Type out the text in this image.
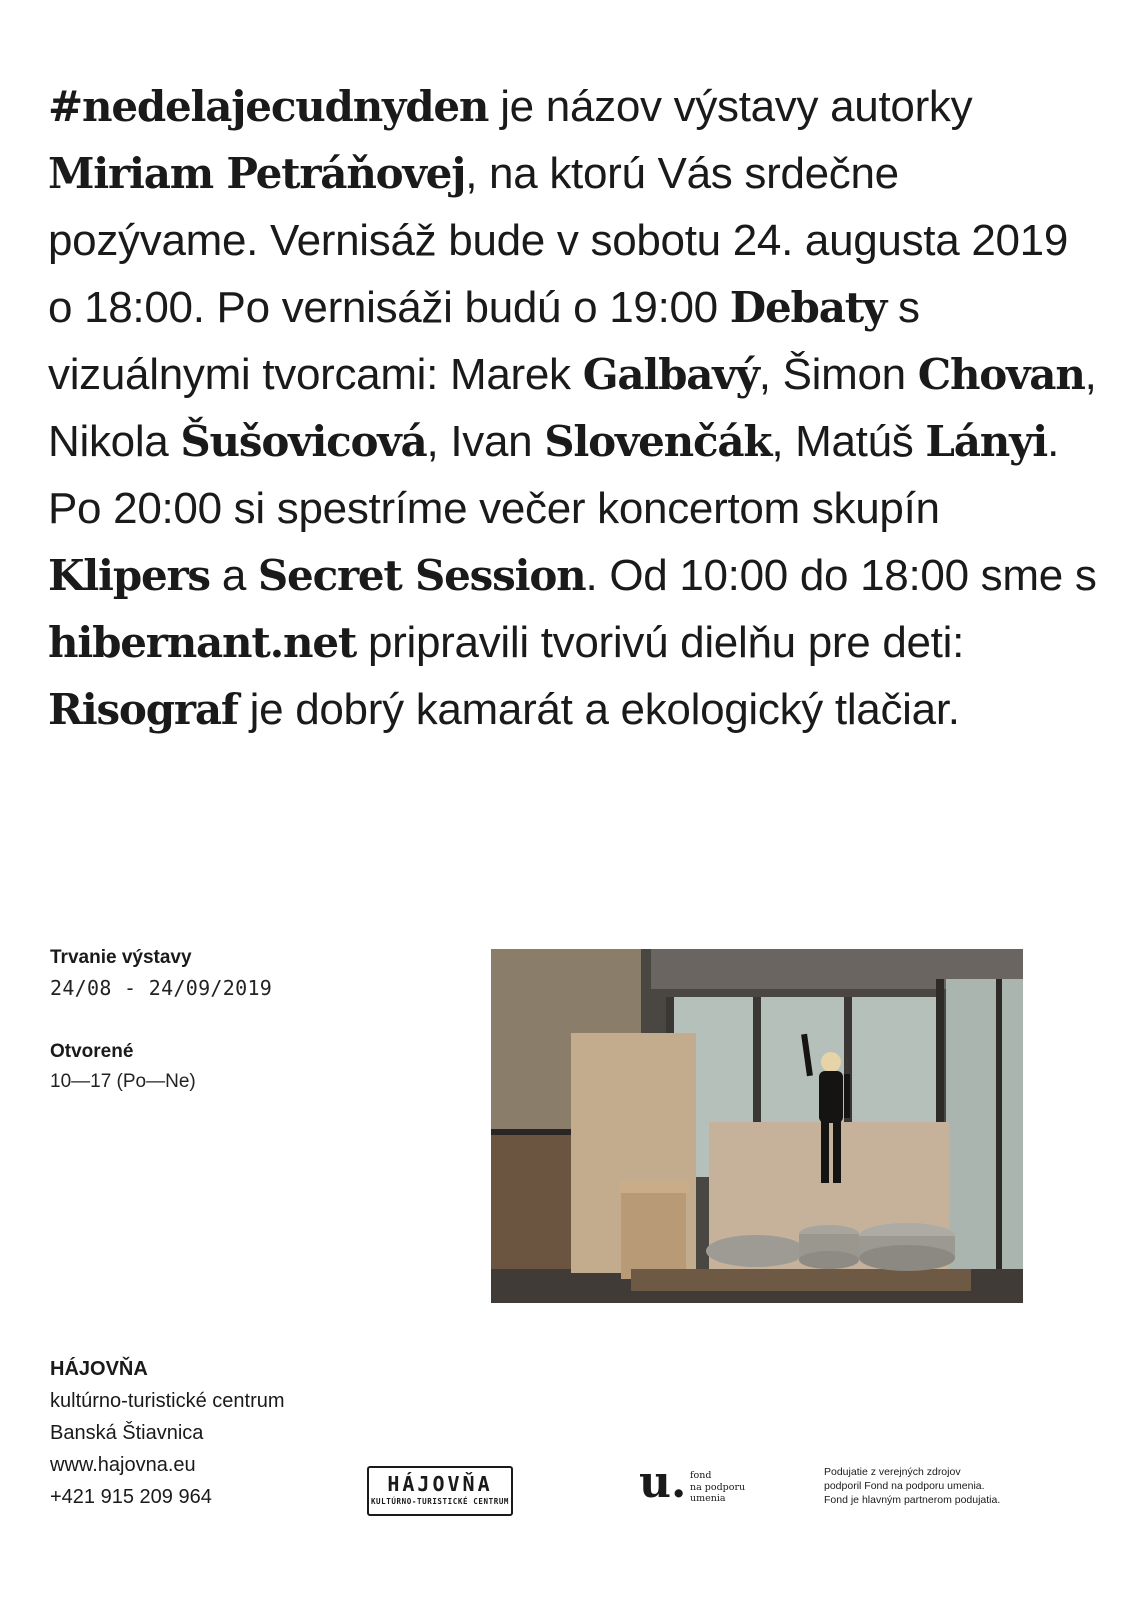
#nedelajecudnyden je názov výstavy autorky Miriam Petráňovej, na ktorú Vás srdečne pozývame. Vernisáž bude v sobotu 24. augusta 2019 o 18:00. Po vernisáži budú o 19:00 Debaty s vizuálnymi tvorcami: Marek Galbavý, Šimon Chovan, Nikola Šušovicová, Ivan Slovenčák, Matúš Lányi. Po 20:00 si spestríme večer koncertom skupín Klipers a Secret Session. Od 10:00 do 18:00 sme s hibernant.net pripravili tvorivú dielňu pre deti: Risograf je dobrý kamarát a ekologický tlačiar.

Trvanie výstavy
24/08 - 24/09/2019
Otvorené
10—17 (Po—Ne)
HÁJOVŇA
kultúrno-turistické centrum
Banská Štiavnica
www.hajovna.eu
+421 915 209 964
HÁJOVŇA
KULTÚRNO-TURISTICKÉ CENTRUM	u. fond
na podporu
umenia
Podujatie z verejných zdrojov
podporil Fond na podporu umenia.
Fond je hlavným partnerom podujatia.
